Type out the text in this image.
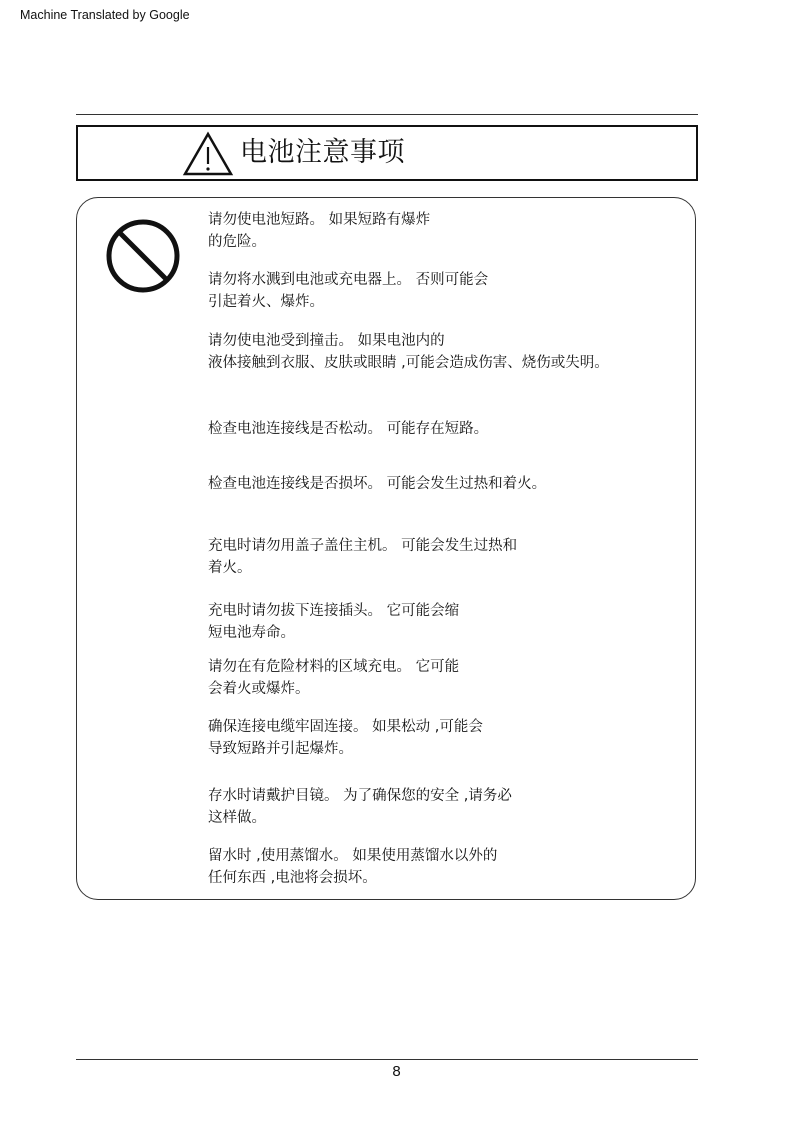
Machine Translated by Google
电池注意事项

请勿使电池短路。 如果短路有爆炸

的危险。

请勿将水溅到电池或充电器上。 否则可能会

引起着火、爆炸。

请勿使电池受到撞击。 如果电池内的

液体接触到衣服、皮肤或眼睛 ,可能会造成伤害、烧伤或失明。

检查电池连接线是否松动。 可能存在短路。

检查电池连接线是否损坏。 可能会发生过热和着火。

充电时请勿用盖子盖住主机。 可能会发生过热和

着火。

充电时请勿拔下连接插头。 它可能会缩

短电池寿命。

请勿在有危险材料的区域充电。 它可能

会着火或爆炸。

确保连接电缆牢固连接。 如果松动 ,可能会

导致短路并引起爆炸。

存水时请戴护目镜。 为了确保您的安全 ,请务必

这样做。

留水时 ,使用蒸馏水。 如果使用蒸馏水以外的

任何东西 ,电池将会损坏。

8
